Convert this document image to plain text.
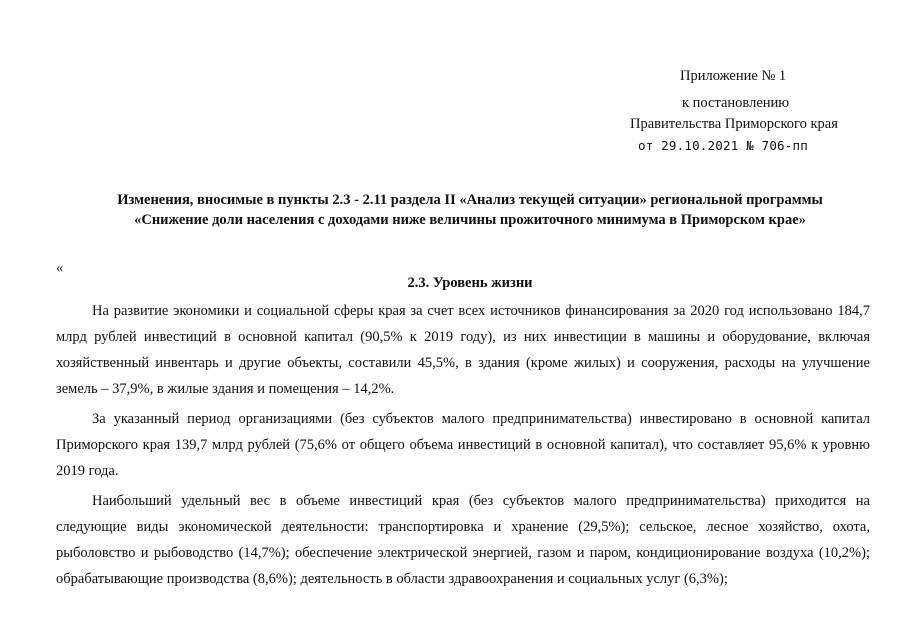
Приложение № 1
к постановлению
Правительства Приморского края
от 29.10.2021 № 706-пп
Изменения, вносимые в пункты 2.3 - 2.11 раздела II «Анализ текущей ситуации» региональной программы
«Снижение доли населения с доходами ниже величины прожиточного минимума в Приморском крае»
«
2.3. Уровень жизни

На развитие экономики и социальной сферы края за счет всех источников финансирования за 2020 год использовано 184,7 млрд рублей инвестиций в основной капитал (90,5% к 2019 году), из них инвестиции в машины и оборудование, включая хозяйственный инвентарь и другие объекты, составили 45,5%, в здания (кроме жилых) и сооружения, расходы на улучшение земель – 37,9%, в жилые здания и помещения – 14,2%.

За указанный период организациями (без субъектов малого предпринимательства) инвестировано в основной капитал Приморского края 139,7 млрд рублей (75,6% от общего объема инвестиций в основной капитал), что составляет 95,6% к уровню 2019 года.

Наибольший удельный вес в объеме инвестиций края (без субъектов малого предпринимательства) приходится на следующие виды экономической деятельности: транспортировка и хранение (29,5%); сельское, лесное хозяйство, охота, рыболовство и рыбоводство (14,7%); обеспечение электрической энергией, газом и паром, кондиционирование воздуха (10,2%); обрабатывающие производства (8,6%); деятельность в области здравоохранения и социальных услуг (6,3%);
